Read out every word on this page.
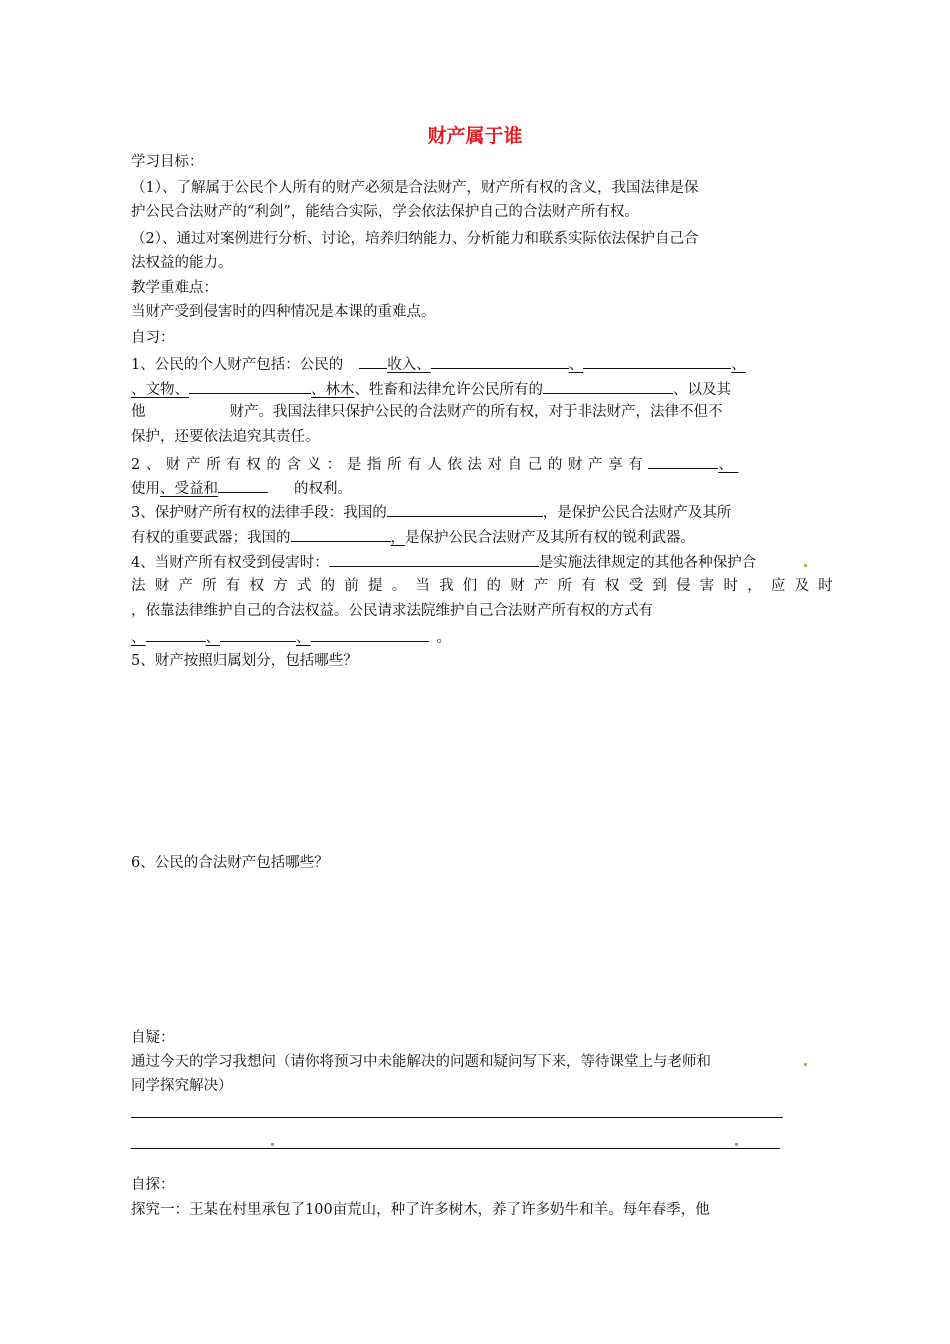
财产属于谁
学习目标：
（1）、了解属于公民个人所有的财产必须是合法财产，财产所有权的含义，我国法律是保
护公民合法财产的“利剑”，能结合实际，学会依法保护自己的合法财产所有权。
（2）、通过对案例进行分析、讨论，培养归纳能力、分析能力和联系实际依法保护自己合
法权益的能力。
教学重难点：
当财产受到侵害时的四种情况是本课的重难点。
自习：
1、公民的个人财产包括：公民的	收入、	、	、
、文物、	、林木、牲畜和法律允许公民所有的	、以及其
他	财产。我国法律只保护公民的合法财产的所有权，对于非法财产，法律不但不
保护，还要依法追究其责任。
2、财产所有权的含义：是指所有人依法对自己的财产享有	、
使用、受益和	的权利。
3、保护财产所有权的法律手段：我国的	，是保护公民合法财产及其所
有权的重要武器；我国的	，是保护公民合法财产及其所有权的锐利武器。
4、当财产所有权受到侵害时：	是实施法律规定的其他各种保护合
法财产所有权方式的前提。当我们的财产所有权受到侵害时，应及时
，依靠法律维护自己的合法权益。公民请求法院维护自己合法财产所有权的方式有
、	、	、	。
5、财产按照归属划分，包括哪些？
6、公民的合法财产包括哪些？
自疑：
通过今天的学习我想问（请你将预习中未能解决的问题和疑问写下来，等待课堂上与老师和
同学探究解决）
自探：
探究一：王某在村里承包了100亩荒山，种了许多树木，养了许多奶牛和羊。每年春季，他
